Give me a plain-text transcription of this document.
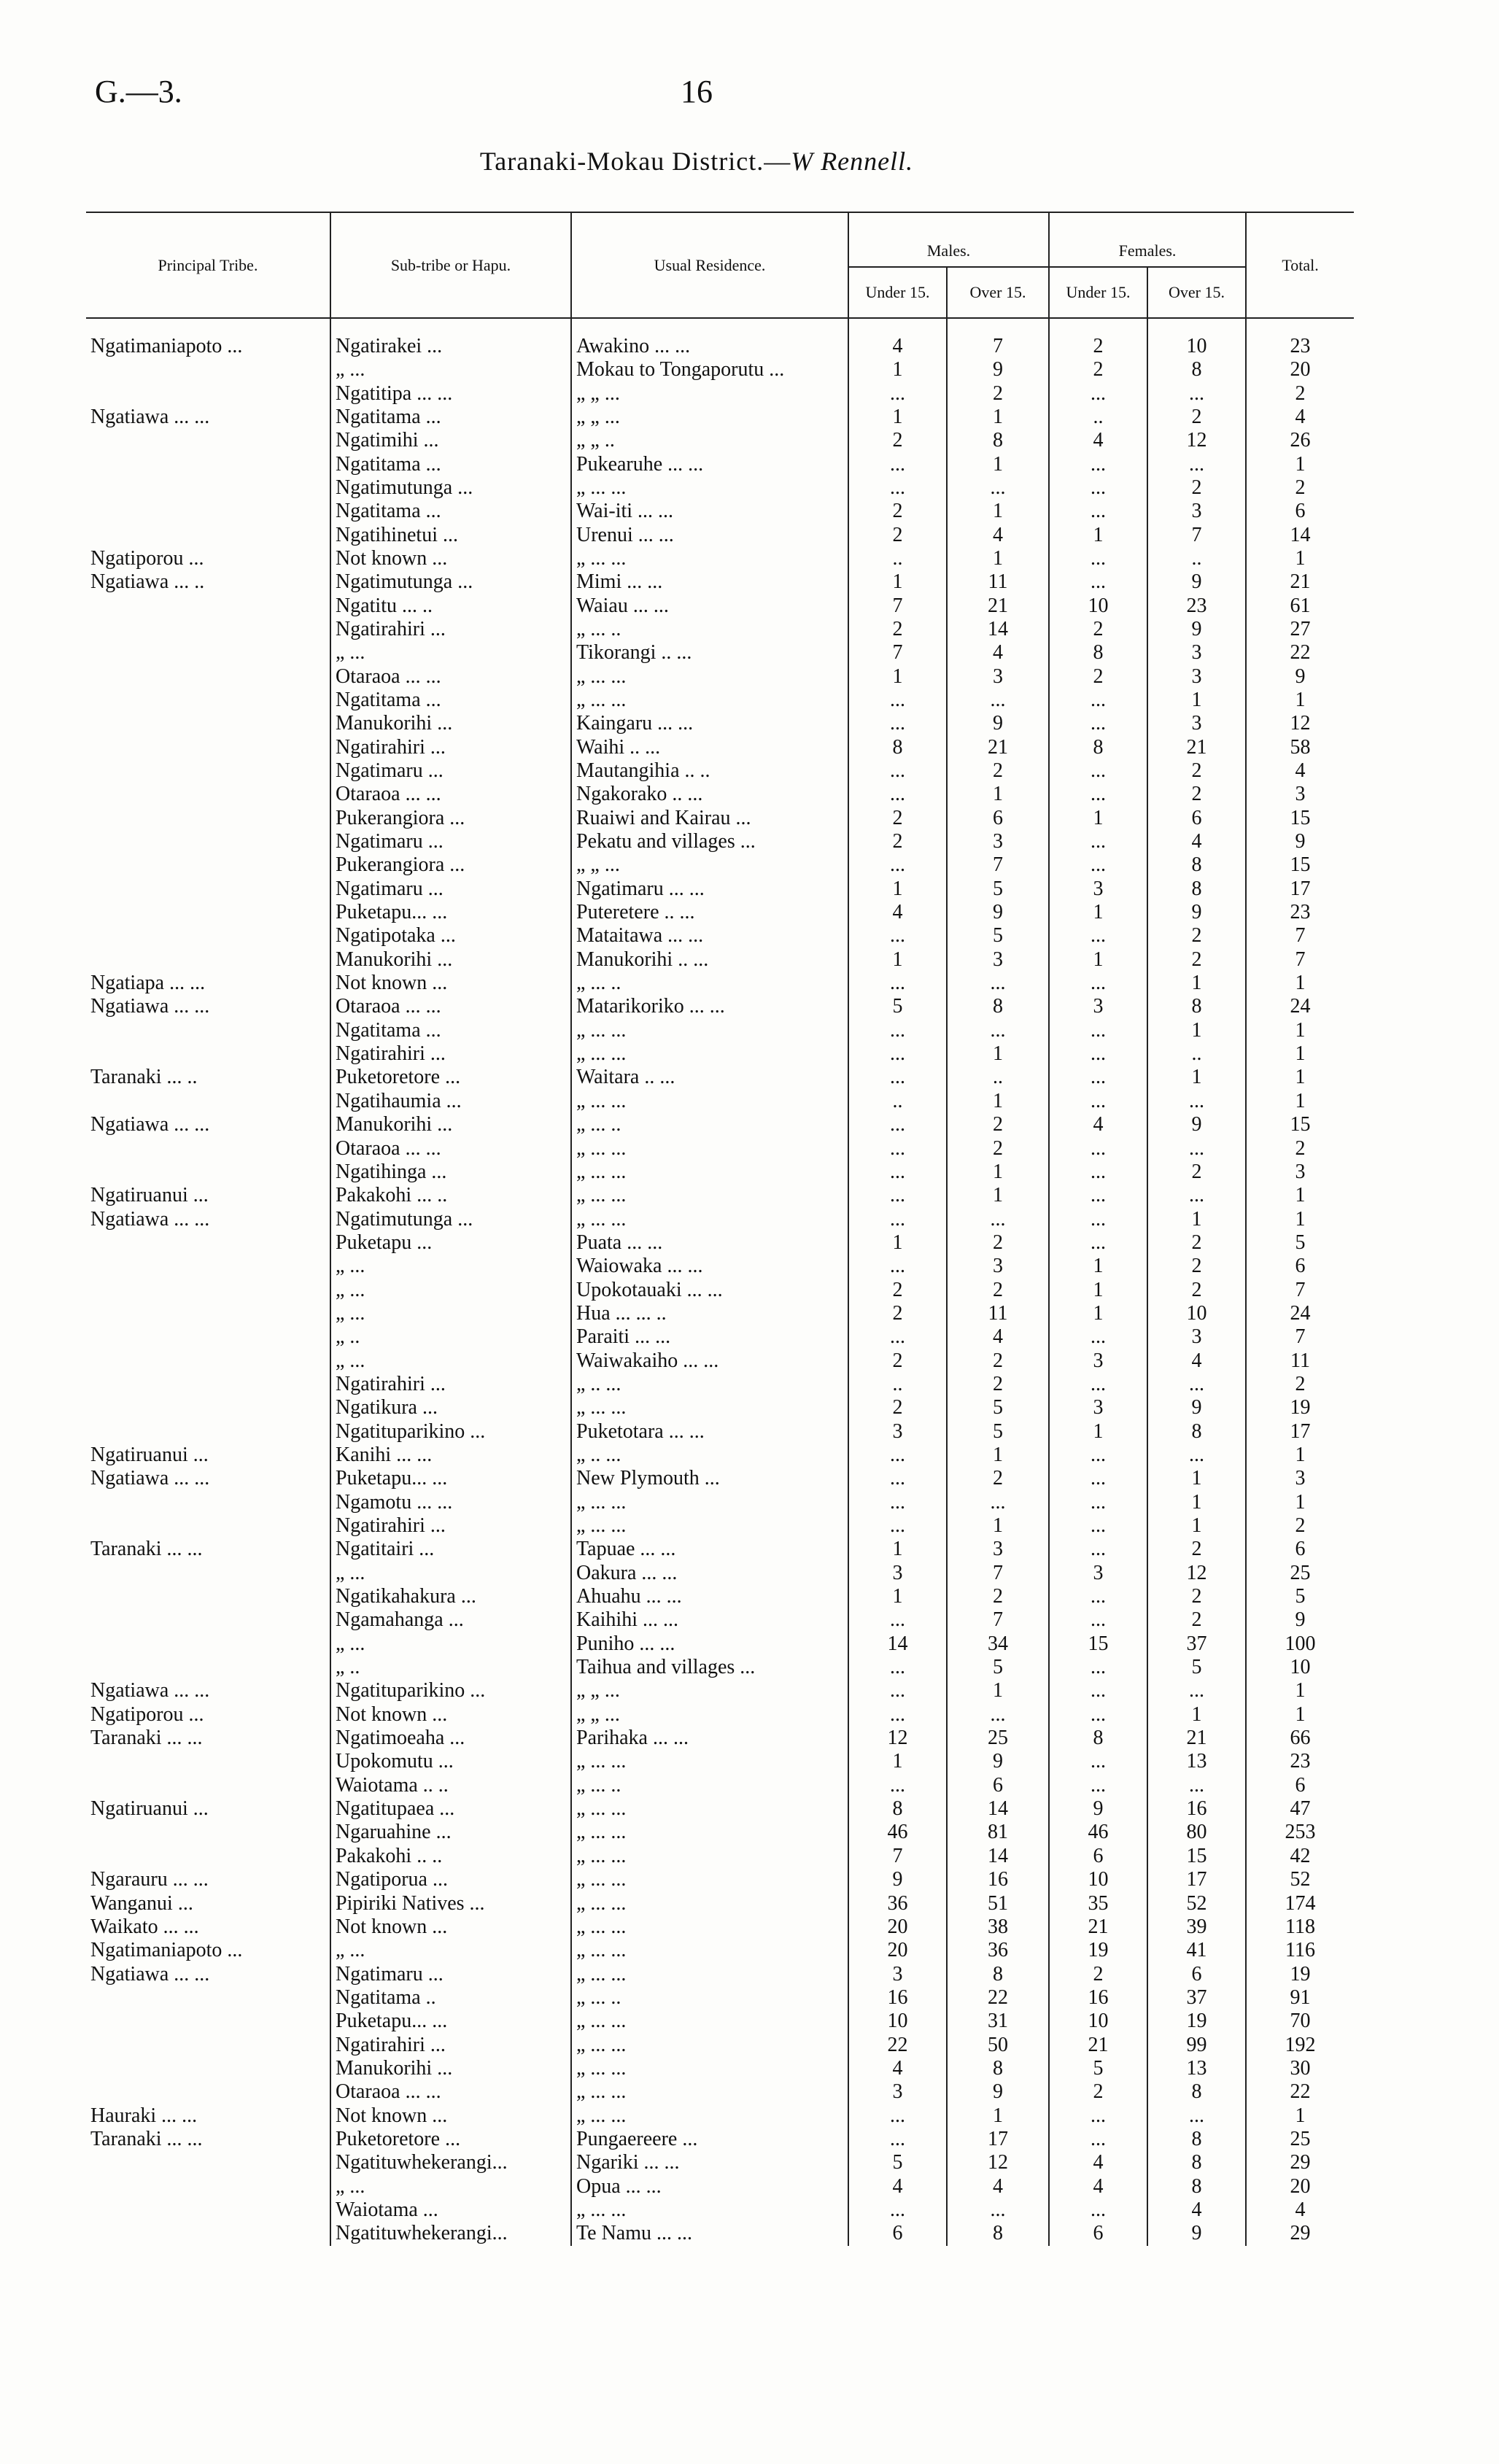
G.—3.	16
Taranaki-Mokau District.—W Rennell.
Principal Tribe.	Sub-tribe or Hapu.	Usual Residence.	Males.		Females.		Total.
			Under 15.	Over 15.	Under 15.	Over 15.	
Ngatimaniapoto ...	Ngatirakei ...	Awakino ... ...	4	7	2	10	23
	„ ...	Mokau to Tongaporutu ...	1	9	2	8	20
	Ngatitipa ... ...	„ „ ...	...	2	...	...	2
Ngatiawa ... ...	Ngatitama ...	„ „ ...	1	1	..	2	4
	Ngatimihi ...	„ „ ..	2	8	4	12	26
	Ngatitama ...	Pukearuhe ... ...	...	1	...	...	1
	Ngatimutunga ...	„ ... ...	...	...	...	2	2
	Ngatitama ...	Wai-iti ... ...	2	1	...	3	6
	Ngatihinetui ...	Urenui ... ...	2	4	1	7	14
Ngatiporou ...	Not known ...	„ ... ...	..	1	...	..	1
Ngatiawa ... ..	Ngatimutunga ...	Mimi ... ...	1	11	...	9	21
	Ngatitu ... ..	Waiau ... ...	7	21	10	23	61
	Ngatirahiri ...	„ ... ..	2	14	2	9	27
	„ ...	Tikorangi .. ...	7	4	8	3	22
	Otaraoa ... ...	„ ... ...	1	3	2	3	9
	Ngatitama ...	„ ... ...	...	...	...	1	1
	Manukorihi ...	Kaingaru ... ...	...	9	...	3	12
	Ngatirahiri ...	Waihi .. ...	8	21	8	21	58
	Ngatimaru ...	Mautangihia .. ..	...	2	...	2	4
	Otaraoa ... ...	Ngakorako .. ...	...	1	...	2	3
	Pukerangiora ...	Ruaiwi and Kairau ...	2	6	1	6	15
	Ngatimaru ...	Pekatu and villages ...	2	3	...	4	9
	Pukerangiora ...	„ „ ...	...	7	...	8	15
	Ngatimaru ...	Ngatimaru ... ...	1	5	3	8	17
	Puketapu... ...	Puteretere .. ...	4	9	1	9	23
	Ngatipotaka ...	Mataitawa ... ...	...	5	...	2	7
	Manukorihi ...	Manukorihi .. ...	1	3	1	2	7
Ngatiapa ... ...	Not known ...	„ ... ..	...	...	...	1	1
Ngatiawa ... ...	Otaraoa ... ...	Matarikoriko ... ...	5	8	3	8	24
	Ngatitama ...	„ ... ...	...	...	...	1	1
	Ngatirahiri ...	„ ... ...	...	1	...	..	1
Taranaki ... ..	Puketoretore ...	Waitara .. ...	...	..	...	1	1
	Ngatihaumia ...	„ ... ...	..	1	...	...	1
Ngatiawa ... ...	Manukorihi ...	„ ... ..	...	2	4	9	15
	Otaraoa ... ...	„ ... ...	...	2	...	...	2
	Ngatihinga ...	„ ... ...	...	1	...	2	3
Ngatiruanui ...	Pakakohi ... ..	„ ... ...	...	1	...	...	1
Ngatiawa ... ...	Ngatimutunga ...	„ ... ...	...	...	...	1	1
	Puketapu ...	Puata ... ...	1	2	...	2	5
	„ ...	Waiowaka ... ...	...	3	1	2	6
	„ ...	Upokotauaki ... ...	2	2	1	2	7
	„ ...	Hua ... ... ..	2	11	1	10	24
	„ ..	Paraiti ... ...	...	4	...	3	7
	„ ...	Waiwakaiho ... ...	2	2	3	4	11
	Ngatirahiri ...	„ .. ...	..	2	...	...	2
	Ngatikura ...	„ ... ...	2	5	3	9	19
	Ngatituparikino ...	Puketotara ... ...	3	5	1	8	17
Ngatiruanui ...	Kanihi ... ...	„ .. ...	...	1	...	...	1
Ngatiawa ... ...	Puketapu... ...	New Plymouth ...	...	2	...	1	3
	Ngamotu ... ...	„ ... ...	...	...	...	1	1
	Ngatirahiri ...	„ ... ...	...	1	...	1	2
Taranaki ... ...	Ngatitairi ...	Tapuae ... ...	1	3	...	2	6
	„ ...	Oakura ... ...	3	7	3	12	25
	Ngatikahakura ...	Ahuahu ... ...	1	2	...	2	5
	Ngamahanga ...	Kaihihi ... ...	...	7	...	2	9
	„ ...	Puniho ... ...	14	34	15	37	100
	„ ..	Taihua and villages ...	...	5	...	5	10
Ngatiawa ... ...	Ngatituparikino ...	„ „ ...	...	1	...	...	1
Ngatiporou ...	Not known ...	„ „ ...	...	...	...	1	1
Taranaki ... ...	Ngatimoeaha ...	Parihaka ... ...	12	25	8	21	66
	Upokomutu ...	„ ... ...	1	9	...	13	23
	Waiotama .. ..	„ ... ..	...	6	...	...	6
Ngatiruanui ...	Ngatitupaea ...	„ ... ...	8	14	9	16	47
	Ngaruahine ...	„ ... ...	46	81	46	80	253
	Pakakohi .. ..	„ ... ...	7	14	6	15	42
Ngarauru ... ...	Ngatiporua ...	„ ... ...	9	16	10	17	52
Wanganui ...	Pipiriki Natives ...	„ ... ...	36	51	35	52	174
Waikato ... ...	Not known ...	„ ... ...	20	38	21	39	118
Ngatimaniapoto ...	„ ...	„ ... ...	20	36	19	41	116
Ngatiawa ... ...	Ngatimaru ...	„ ... ...	3	8	2	6	19
	Ngatitama ..	„ ... ..	16	22	16	37	91
	Puketapu... ...	„ ... ...	10	31	10	19	70
	Ngatirahiri ...	„ ... ...	22	50	21	99	192
	Manukorihi ...	„ ... ...	4	8	5	13	30
	Otaraoa ... ...	„ ... ...	3	9	2	8	22
Hauraki ... ...	Not known ...	„ ... ...	...	1	...	...	1
Taranaki ... ...	Puketoretore ...	Pungaereere ...	...	17	...	8	25
	Ngatituwhekerangi...	Ngariki ... ...	5	12	4	8	29
	„ ...	Opua ... ...	4	4	4	8	20
	Waiotama ...	„ ... ...	...	...	...	4	4
	Ngatituwhekerangi...	Te Namu ... ...	6	8	6	9	29
